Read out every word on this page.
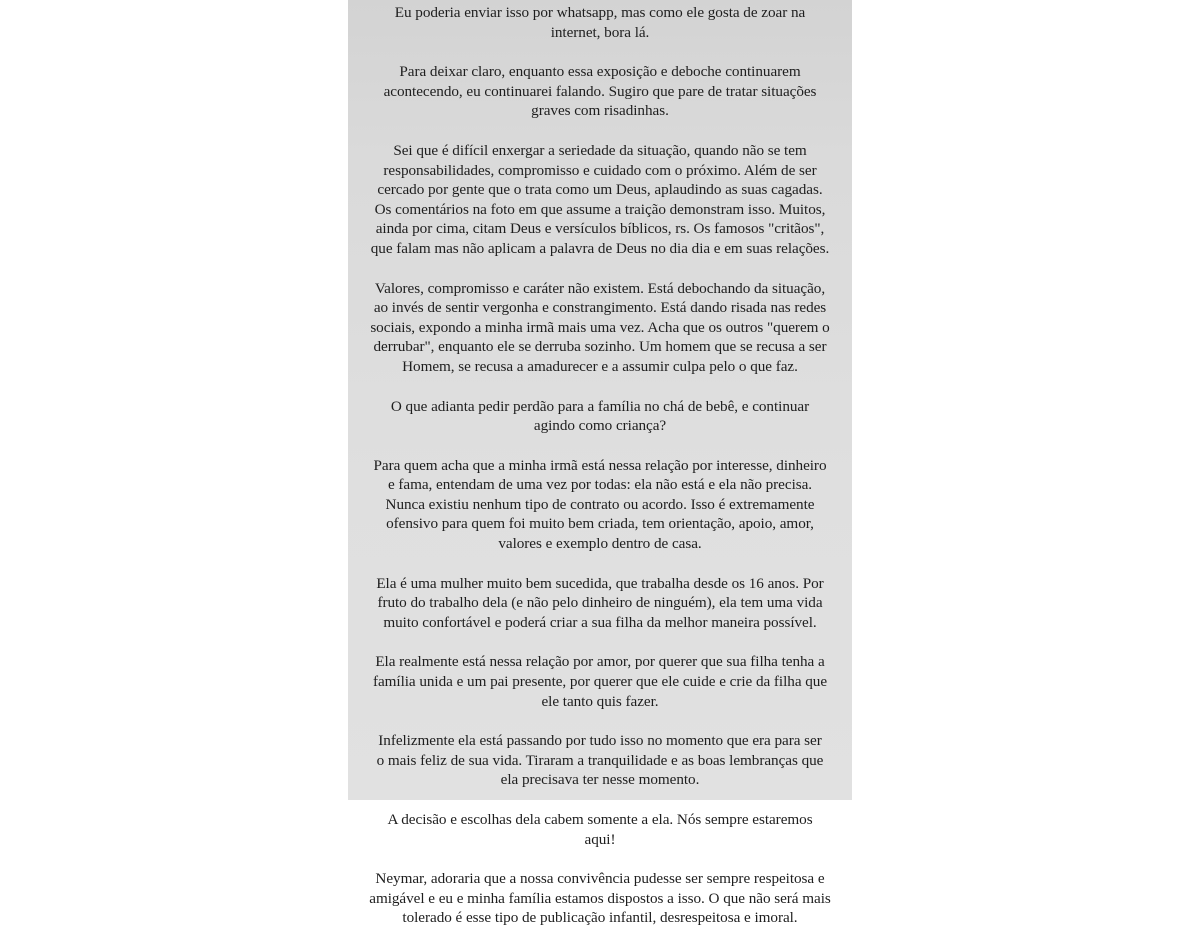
Eu poderia enviar isso por whatsapp, mas como ele gosta de zoar na
internet, bora lá.

Para deixar claro, enquanto essa exposição e deboche continuarem
acontecendo, eu continuarei falando. Sugiro que pare de tratar situações
graves com risadinhas.

Sei que é difícil enxergar a seriedade da situação, quando não se tem
responsabilidades, compromisso e cuidado com o próximo. Além de ser
cercado por gente que o trata como um Deus, aplaudindo as suas cagadas.
Os comentários na foto em que assume a traição demonstram isso. Muitos,
ainda por cima, citam Deus e versículos bíblicos, rs. Os famosos "critãos",
que falam mas não aplicam a palavra de Deus no dia dia e em suas relações.

Valores, compromisso e caráter não existem. Está debochando da situação,
ao invés de sentir vergonha e constrangimento. Está dando risada nas redes
sociais, expondo a minha irmã mais uma vez. Acha que os outros "querem o
derrubar", enquanto ele se derruba sozinho. Um homem que se recusa a ser
Homem, se recusa a amadurecer e a assumir culpa pelo o que faz.

O que adianta pedir perdão para a família no chá de bebê, e continuar
agindo como criança?

Para quem acha que a minha irmã está nessa relação por interesse, dinheiro
e fama, entendam de uma vez por todas: ela não está e ela não precisa.
Nunca existiu nenhum tipo de contrato ou acordo. Isso é extremamente
ofensivo para quem foi muito bem criada, tem orientação, apoio, amor,
valores e exemplo dentro de casa.

Ela é uma mulher muito bem sucedida, que trabalha desde os 16 anos. Por
fruto do trabalho dela (e não pelo dinheiro de ninguém), ela tem uma vida
muito confortável e poderá criar a sua filha da melhor maneira possível.

Ela realmente está nessa relação por amor, por querer que sua filha tenha a
família unida e um pai presente, por querer que ele cuide e crie da filha que
ele tanto quis fazer.

Infelizmente ela está passando por tudo isso no momento que era para ser
o mais feliz de sua vida. Tiraram a tranquilidade e as boas lembranças que
ela precisava ter nesse momento.

A decisão e escolhas dela cabem somente a ela. Nós sempre estaremos
aqui!

Neymar, adoraria que a nossa convivência pudesse ser sempre respeitosa e
amigável e eu e minha família estamos dispostos a isso. O que não será mais
tolerado é esse tipo de publicação infantil, desrespeitosa e imoral.
